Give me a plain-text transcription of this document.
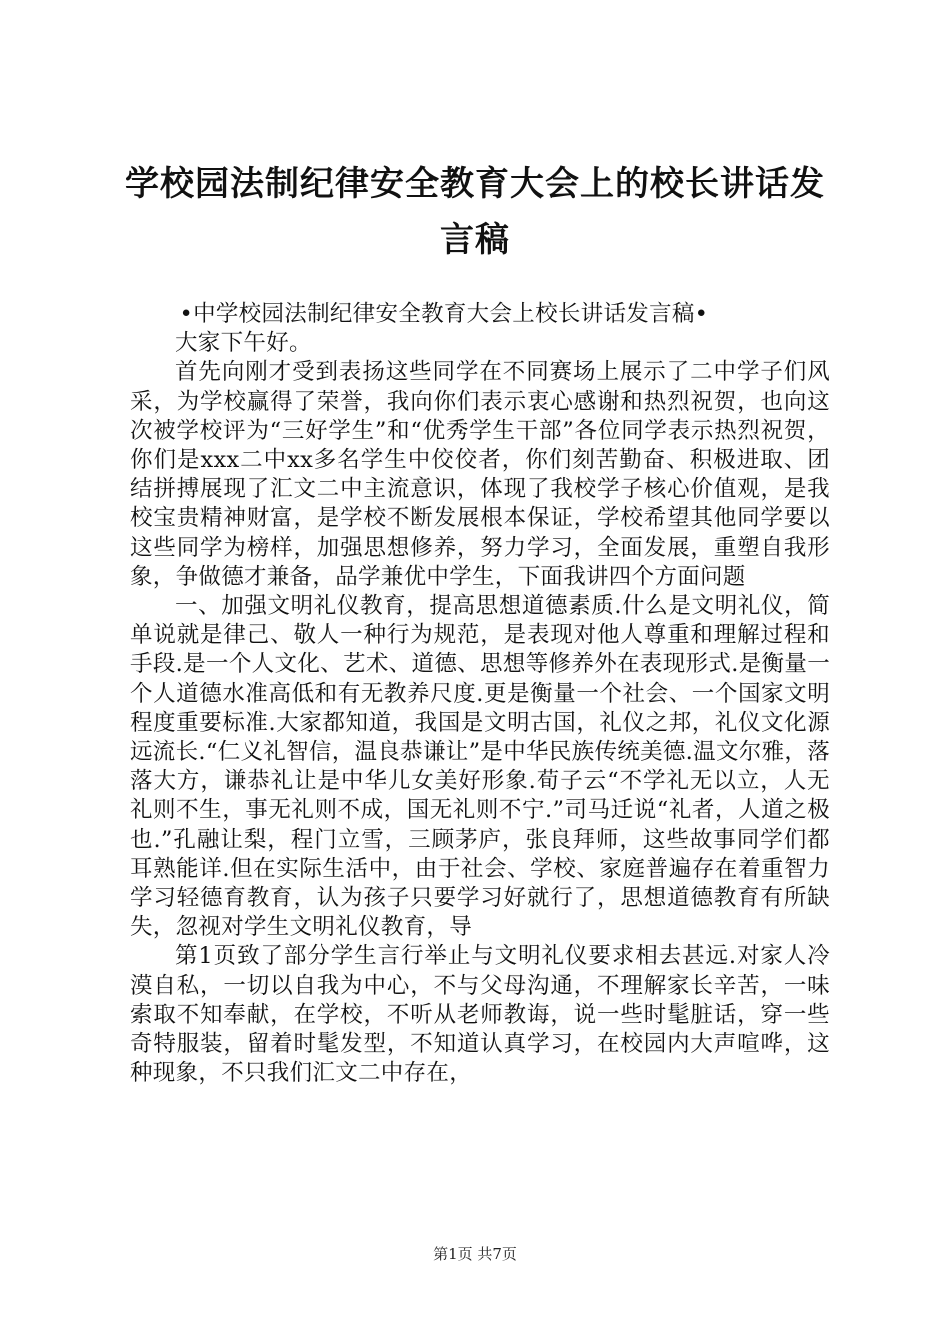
学校园法制纪律安全教育大会上的校长讲话发言稿

•中学校园法制纪律安全教育大会上校长讲话发言稿•

大家下午好。

首先向刚才受到表扬这些同学在不同赛场上展示了二中学子们风采，为学校赢得了荣誉，我向你们表示衷心感谢和热烈祝贺，也向这次被学校评为“三好学生”和“优秀学生干部”各位同学表示热烈祝贺，你们是xxx二中xx多名学生中佼佼者，你们刻苦勤奋、积极进取、团结拼搏展现了汇文二中主流意识，体现了我校学子核心价值观，是我校宝贵精神财富，是学校不断发展根本保证，学校希望其他同学要以这些同学为榜样，加强思想修养，努力学习，全面发展，重塑自我形象，争做德才兼备，品学兼优中学生，下面我讲四个方面问题

一、加强文明礼仪教育，提高思想道德素质.什么是文明礼仪，简单说就是律己、敬人一种行为规范，是表现对他人尊重和理解过程和手段.是一个人文化、艺术、道德、思想等修养外在表现形式.是衡量一个人道德水准高低和有无教养尺度.更是衡量一个社会、一个国家文明程度重要标准.大家都知道，我国是文明古国，礼仪之邦，礼仪文化源远流长.“仁义礼智信，温良恭谦让”是中华民族传统美德.温文尔雅，落落大方，谦恭礼让是中华儿女美好形象.荀子云“不学礼无以立，人无礼则不生，事无礼则不成，国无礼则不宁.”司马迁说“礼者，人道之极也.”孔融让梨，程门立雪，三顾茅庐，张良拜师，这些故事同学们都耳熟能详.但在实际生活中，由于社会、学校、家庭普遍存在着重智力学习轻德育教育，认为孩子只要学习好就行了，思想道德教育有所缺失，忽视对学生文明礼仪教育，导

第1页致了部分学生言行举止与文明礼仪要求相去甚远.对家人冷漠自私，一切以自我为中心，不与父母沟通，不理解家长辛苦，一味索取不知奉献，在学校，不听从老师教诲，说一些时髦脏话，穿一些奇特服装，留着时髦发型，不知道认真学习，在校园内大声喧哗，这种现象，不只我们汇文二中存在，

第1页 共7页
